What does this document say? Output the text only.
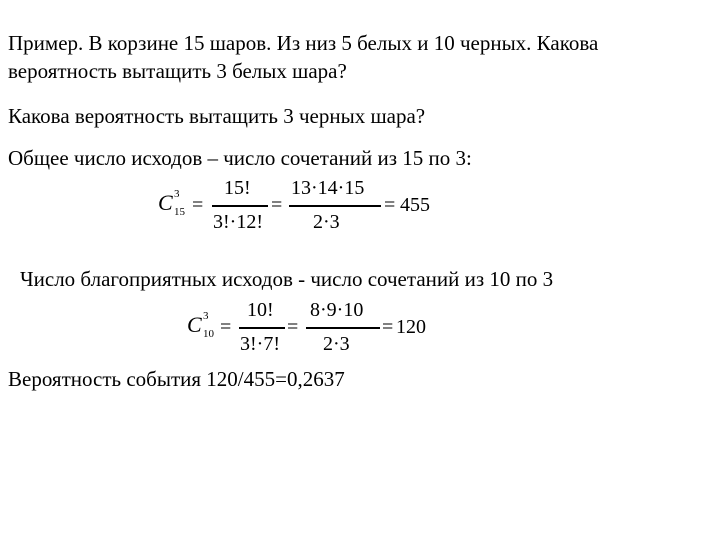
Пример. В корзине 15 шаров. Из низ 5 белых и 10 черных. Какова
вероятность вытащить 3 белых шара?
Какова вероятность вытащить 3 черных шара?
Общее число исходов – число сочетаний из 15 по 3:
C 3
15 =
15!
3!·12!
=
13·14·15
2·3
= 455
Число благоприятных исходов - число сочетаний из 10 по 3
C 3
10 =
10!
3!·7!
=
8·9·10
2·3
= 120
Вероятность события 120/455=0,2637
